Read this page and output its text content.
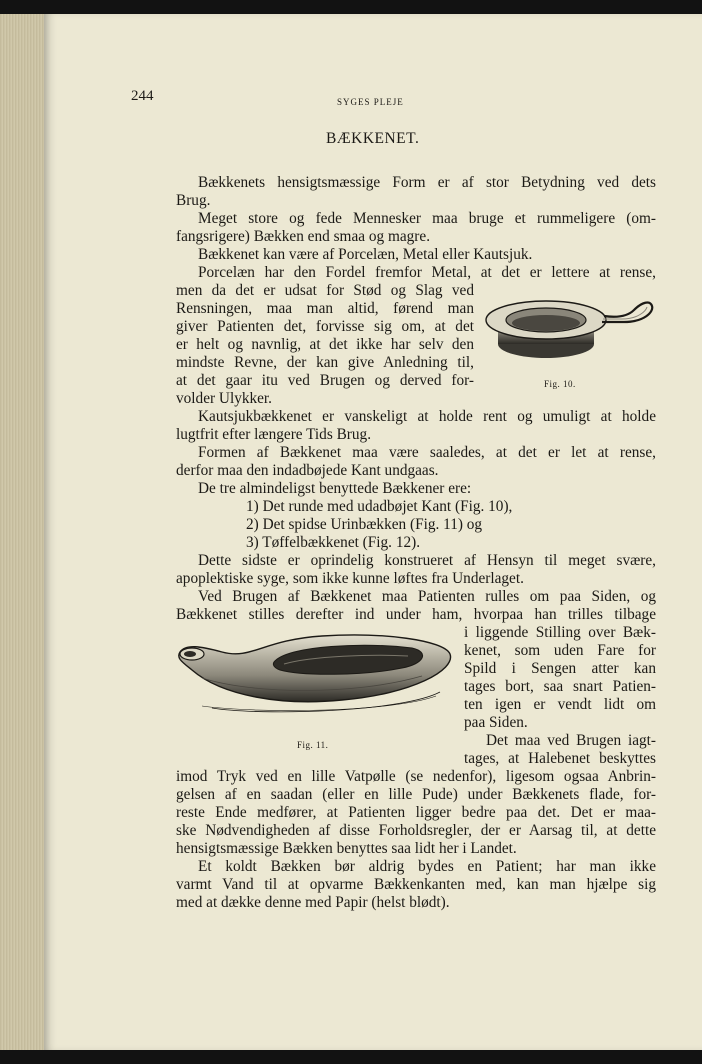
244	SYGES PLEJE
BÆKKENET.
Bækkenets hensigtsmæssige Form er af stor Betydning ved dets
Brug.
Meget store og fede Mennesker maa bruge et rummeligere (om-
fangsrigere) Bækken end smaa og magre.
Bækkenet kan være af Porcelæn, Metal eller Kautsjuk.
Porcelæn har den Fordel fremfor Metal, at det er lettere at rense,
men da det er udsat for Stød og Slag ved
Rensningen, maa man altid, førend man
giver Patienten det, forvisse sig om, at det
er helt og navnlig, at det ikke har selv den
mindste Revne, der kan give Anledning til,
at det gaar itu ved Brugen og derved for-
volder Ulykker.
Fig. 10.
Kautsjukbækkenet er vanskeligt at holde rent og umuligt at holde
lugtfrit efter længere Tids Brug.
Formen af Bækkenet maa være saaledes, at det er let at rense,
derfor maa den indadbøjede Kant undgaas.
De tre almindeligst benyttede Bækkener ere:
1) Det runde med udadbøjet Kant (Fig. 10),
2) Det spidse Urinbækken (Fig. 11) og
3) Tøffelbækkenet (Fig. 12).
Dette sidste er oprindelig konstrueret af Hensyn til meget svære,
apoplektiske syge, som ikke kunne løftes fra Underlaget.
Ved Brugen af Bækkenet maa Patienten rulles om paa Siden, og
Bækkenet stilles derefter ind under ham, hvorpaa han trilles tilbage
i liggende Stilling over Bæk-
kenet, som uden Fare for
Spild i Sengen atter kan
tages bort, saa snart Patien-
ten igen er vendt lidt om
paa Siden.
Det maa ved Brugen iagt-
tages, at Halebenet beskyttes
Fig. 11.
imod Tryk ved en lille Vatpølle (se nedenfor), ligesom ogsaa Anbrin-
gelsen af en saadan (eller en lille Pude) under Bækkenets flade, for-
reste Ende medfører, at Patienten ligger bedre paa det. Det er maa-
ske Nødvendigheden af disse Forholdsregler, der er Aarsag til, at dette
hensigtsmæssige Bækken benyttes saa lidt her i Landet.
Et koldt Bækken bør aldrig bydes en Patient; har man ikke
varmt Vand til at opvarme Bækkenkanten med, kan man hjælpe sig
med at dække denne med Papir (helst blødt).
